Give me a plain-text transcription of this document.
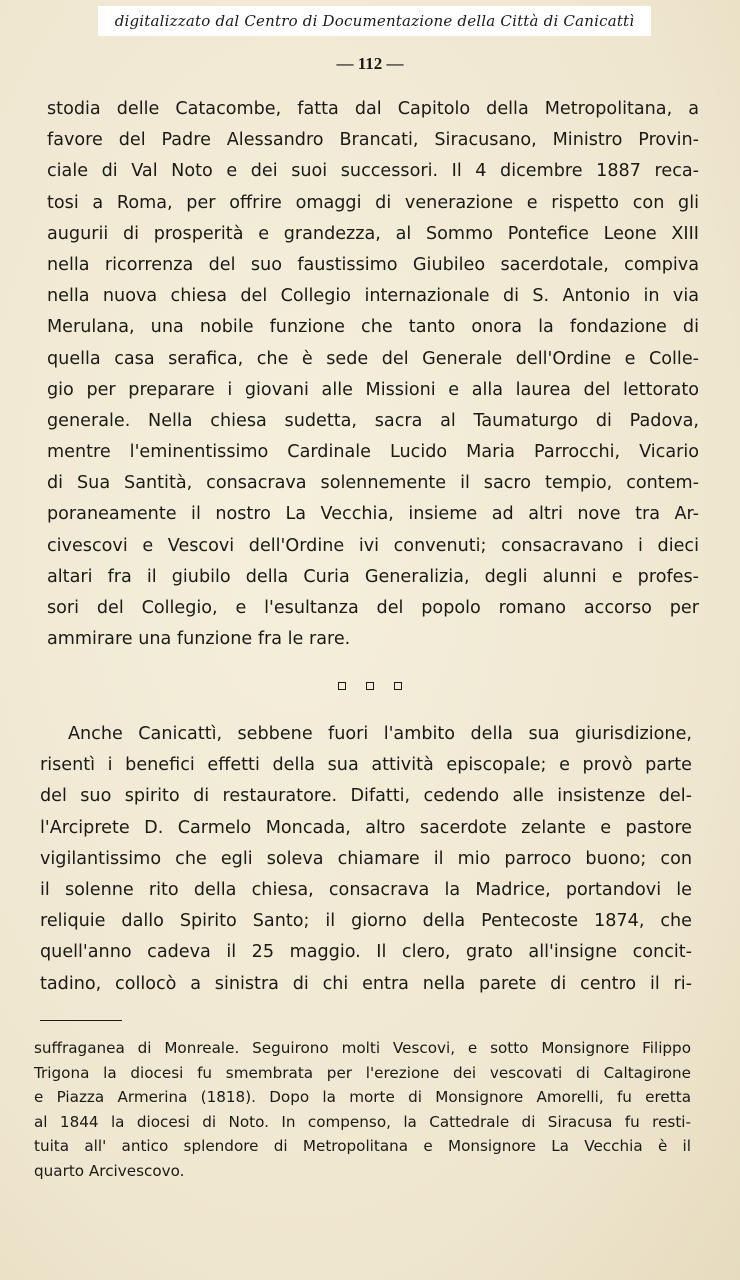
digitalizzato dal Centro di Documentazione della Città di Canicattì
— 112 —
stodia delle Catacombe, fatta dal Capitolo della Metropolitana, a
favore del Padre Alessandro Brancati, Siracusano, Ministro Provin-
ciale di Val Noto e dei suoi successori. Il 4 dicembre 1887 reca-
tosi a Roma, per offrire omaggi di venerazione e rispetto con gli
augurii di prosperità e grandezza, al Sommo Pontefice Leone XIII
nella ricorrenza del suo faustissimo Giubileo sacerdotale, compiva
nella nuova chiesa del Collegio internazionale di S. Antonio in via
Merulana, una nobile funzione che tanto onora la fondazione di
quella casa serafica, che è sede del Generale dell'Ordine e Colle-
gio per preparare i giovani alle Missioni e alla laurea del lettorato
generale. Nella chiesa sudetta, sacra al Taumaturgo di Padova,
mentre l'eminentissimo Cardinale Lucido Maria Parrocchi, Vicario
di Sua Santità, consacrava solennemente il sacro tempio, contem-
poraneamente il nostro La Vecchia, insieme ad altri nove tra Ar-
civescovi e Vescovi dell'Ordine ivi convenuti; consacravano i dieci
altari fra il giubilo della Curia Generalizia, degli alunni e profes-
sori del Collegio, e l'esultanza del popolo romano accorso per
ammirare una funzione fra le rare.
Anche Canicattì, sebbene fuori l'ambito della sua giurisdizione,
risentì i benefici effetti della sua attività episcopale; e provò parte
del suo spirito di restauratore. Difatti, cedendo alle insistenze del-
l'Arciprete D. Carmelo Moncada, altro sacerdote zelante e pastore
vigilantissimo che egli soleva chiamare il mio parroco buono; con
il solenne rito della chiesa, consacrava la Madrice, portandovi le
reliquie dallo Spirito Santo; il giorno della Pentecoste 1874, che
quell'anno cadeva il 25 maggio. Il clero, grato all'insigne concit-
tadino, collocò a sinistra di chi entra nella parete di centro il ri-
suffraganea di Monreale. Seguirono molti Vescovi, e sotto Monsignore Filippo
Trigona la diocesi fu smembrata per l'erezione dei vescovati di Caltagirone
e Piazza Armerina (1818). Dopo la morte di Monsignore Amorelli, fu eretta
al 1844 la diocesi di Noto. In compenso, la Cattedrale di Siracusa fu resti-
tuita all' antico splendore di Metropolitana e Monsignore La Vecchia è il
quarto Arcivescovo.
